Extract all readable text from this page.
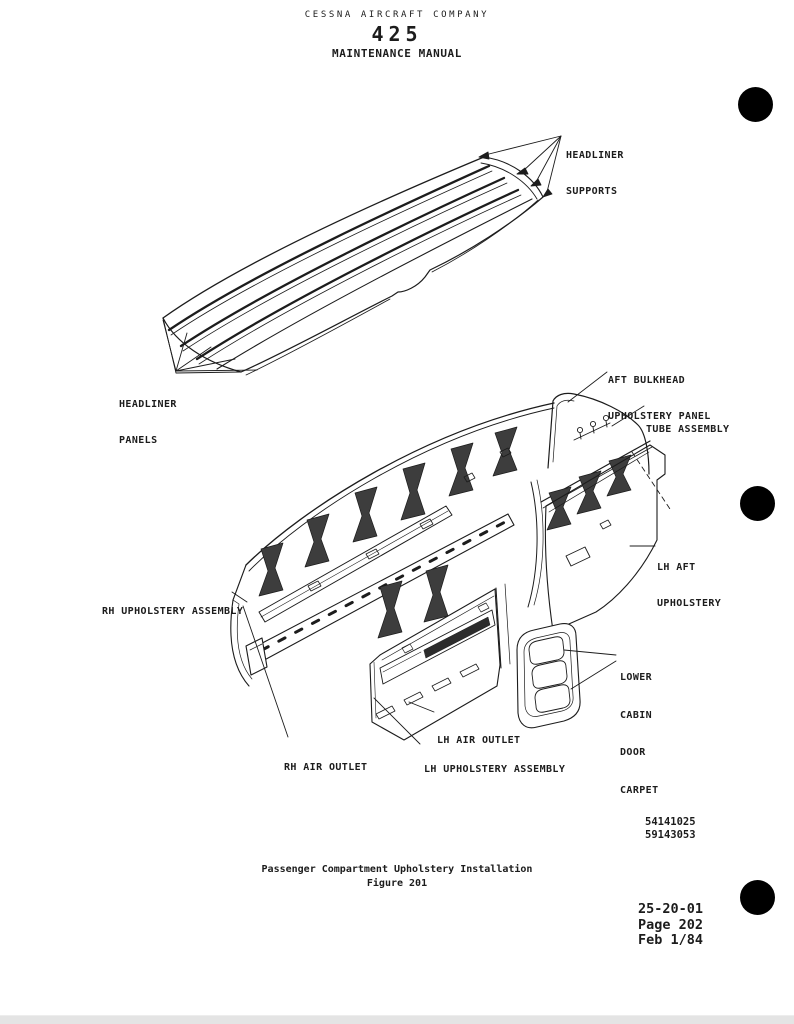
CESSNA AIRCRAFT COMPANY
425
MAINTENANCE MANUAL

HEADLINER

SUPPORTS

HEADLINER

PANELS

AFT BULKHEAD

UPHOLSTERY PANEL

TUBE ASSEMBLY

LH AFT

UPHOLSTERY

RH UPHOLSTERY ASSEMBLY

LOWER

CABIN

DOOR

CARPET

LH AIR OUTLET

RH AIR OUTLET

	LH UPHOLSTERY ASSEMBLY

54141025
59143053
Passenger Compartment Upholstery Installation
Figure 201
25-20-01
Page 202
Feb 1/84
